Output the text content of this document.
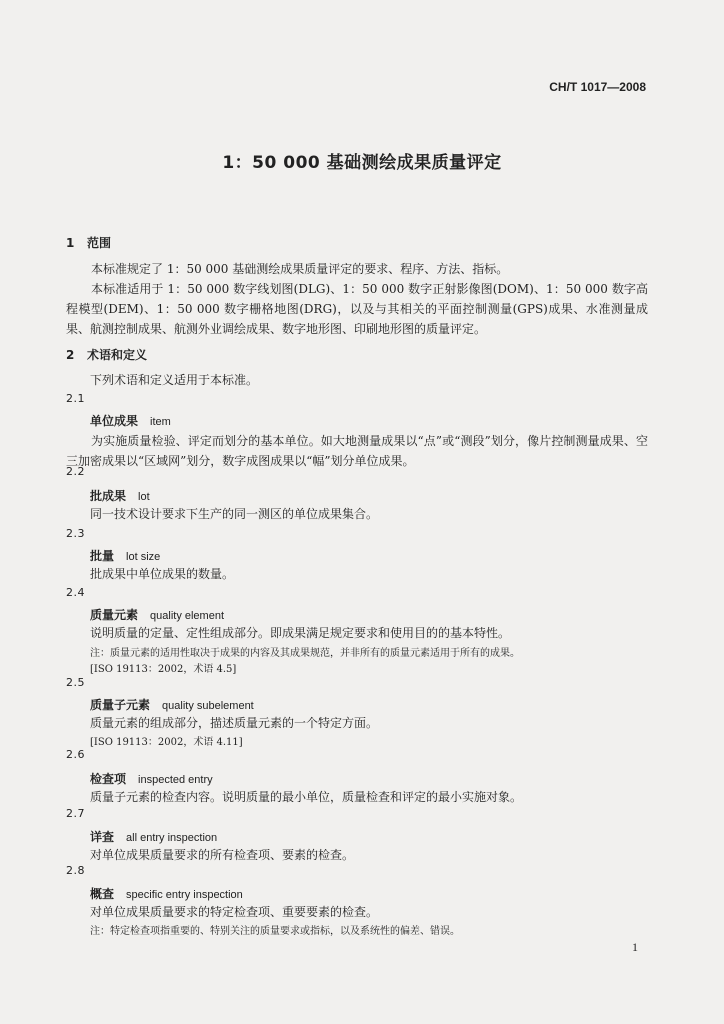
CH/T 1017—2008
1：50 000 基础测绘成果质量评定
1 范围

本标准规定了 1：50 000 基础测绘成果质量评定的要求、程序、方法、指标。

本标准适用于 1：50 000 数字线划图(DLG)、1：50 000 数字正射影像图(DOM)、1：50 000 数字高程模型(DEM)、1：50 000 数字栅格地图(DRG)，以及与其相关的平面控制测量(GPS)成果、水准测量成果、航测控制成果、航测外业调绘成果、数字地形图、印刷地形图的质量评定。

2 术语和定义
下列术语和定义适用于本标准。
2.1
单位成果 item

为实施质量检验、评定而划分的基本单位。如大地测量成果以“点”或“测段”划分，像片控制测量成果、空三加密成果以“区域网”划分，数字成图成果以“幅”划分单位成果。

2.2
批成果 lot
同一技术设计要求下生产的同一测区的单位成果集合。
2.3
批量 lot size
批成果中单位成果的数量。
2.4
质量元素 quality element
说明质量的定量、定性组成部分。即成果满足规定要求和使用目的的基本特性。
注：质量元素的适用性取决于成果的内容及其成果规范，并非所有的质量元素适用于所有的成果。
[ISO 19113：2002，术语 4.5]
2.5
质量子元素 quality subelement
质量元素的组成部分，描述质量元素的一个特定方面。
[ISO 19113：2002，术语 4.11]
2.6
检查项 inspected entry
质量子元素的检查内容。说明质量的最小单位，质量检查和评定的最小实施对象。
2.7
详查 all entry inspection
对单位成果质量要求的所有检查项、要素的检查。
2.8
概查 specific entry inspection
对单位成果质量要求的特定检查项、重要要素的检查。
注：特定检查项指重要的、特别关注的质量要求或指标，以及系统性的偏差、错误。
1
